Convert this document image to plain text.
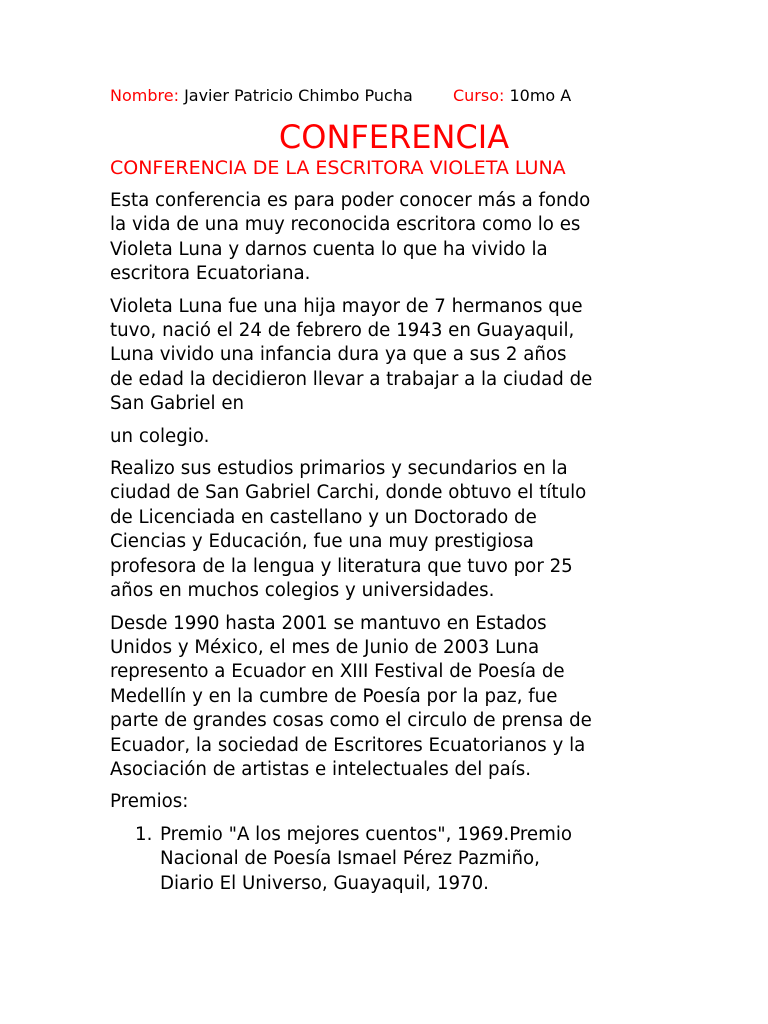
Nombre: Javier Patricio Chimbo Pucha	Curso: 10mo A
CONFERENCIA
CONFERENCIA DE LA ESCRITORA VIOLETA LUNA

Esta conferencia es para poder conocer más a fondo
la vida de una muy reconocida escritora como lo es
Violeta Luna y darnos cuenta lo que ha vivido la
escritora Ecuatoriana.

Violeta Luna fue una hija mayor de 7 hermanos que
tuvo, nació el 24 de febrero de 1943 en Guayaquil,
Luna vivido una infancia dura ya que a sus 2 años
de edad la decidieron llevar a trabajar a la ciudad de
San Gabriel en

un colegio.

Realizo sus estudios primarios y secundarios en la
ciudad de San Gabriel Carchi, donde obtuvo el título
de Licenciada en castellano y un Doctorado de
Ciencias y Educación, fue una muy prestigiosa
profesora de la lengua y literatura que tuvo por 25
años en muchos colegios y universidades.

Desde 1990 hasta 2001 se mantuvo en Estados
Unidos y México, el mes de Junio de 2003 Luna
represento a Ecuador en XIII Festival de Poesía de
Medellín y en la cumbre de Poesía por la paz, fue
parte de grandes cosas como el circulo de prensa de
Ecuador, la sociedad de Escritores Ecuatorianos y la
Asociación de artistas e intelectuales del país.

Premios:

1. Premio "A los mejores cuentos", 1969.Premio
Nacional de Poesía Ismael Pérez Pazmiño,
Diario El Universo, Guayaquil, 1970.
